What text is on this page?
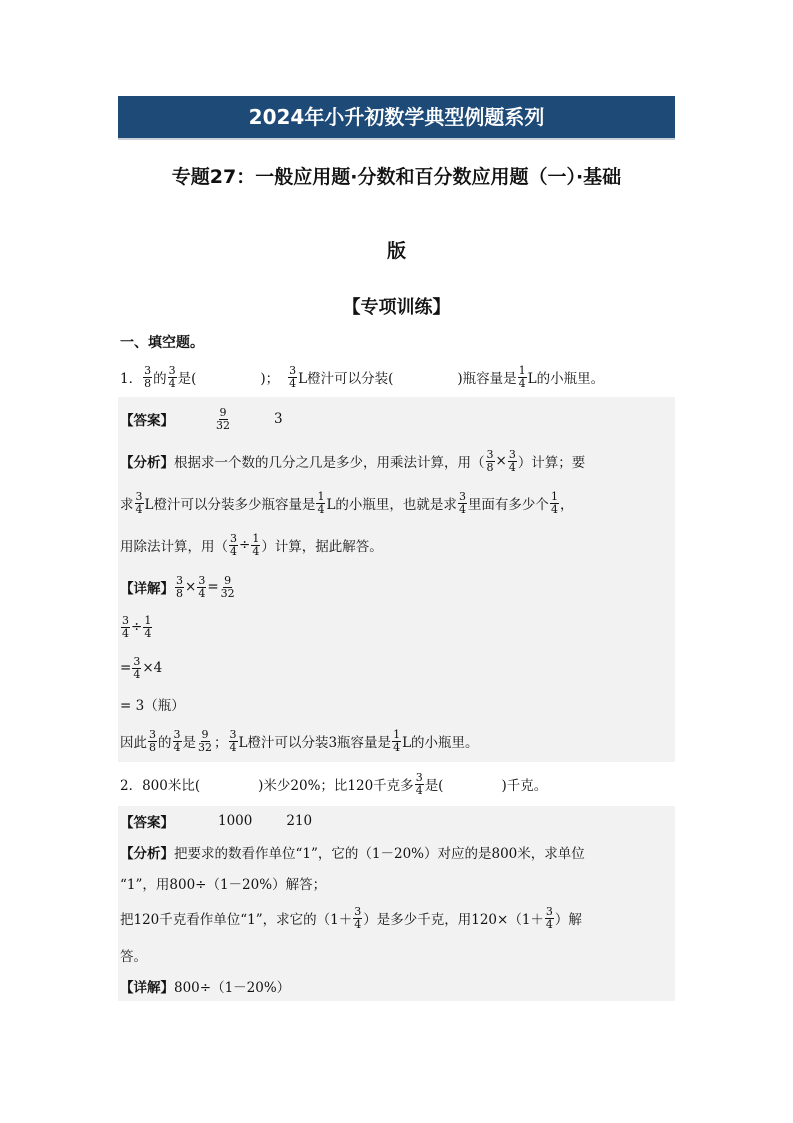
2024年小升初数学典型例题系列
专题27：一般应用题·分数和百分数应用题（一）·基础
版
【专项训练】
一、填空题。
1． $\frac{3}{8}$ 的 $\frac{3}{4}$ 是(	)； $\frac{3}{4}$ L橙汁可以分装(	)瓶容量是 $\frac{1}{4}$ L的小瓶里。
【答案】	$\frac{9}{32}$	3
【分析】 根据求一个数的几分之几是多少，用乘法计算，用（ $\frac{3}{8} \times \frac{3}{4}$ ）计算；要
求 $\frac{3}{4}$ L橙汁可以分装多少瓶容量是 $\frac{1}{4}$ L的小瓶里，也就是求 $\frac{3}{4}$ 里面有多少个 $\frac{1}{4}$ ，
用除法计算，用（ $\frac{3}{4} \div \frac{1}{4}$ ）计算，据此解答。
【详解】 $\frac{3}{8} \times \frac{3}{4} = \frac{9}{32}$
$\frac{3}{4} \div \frac{1}{4}$
= $\frac{3}{4} \times 4$
= 3（瓶）
因此 $\frac{3}{8}$ 的 $\frac{3}{4}$ 是 $\frac{9}{32}$ ； $\frac{3}{4}$ L橙汁可以分装3瓶容量是 $\frac{1}{4}$ L的小瓶里。
2． 800米比(	)米少20%；比120千克多 $\frac{3}{4}$ 是(	)千克。
【答案】	1000	210
【分析】 把要求的数看作单位“1”，它的（1－20%）对应的是800米，求单位
“1”，用800÷（1－20%）解答；
把120千克看作单位“1”，求它的（$1+ \frac{3}{4}$ ）是多少千克，用$120\times(1+ \frac{3}{4}$ ）解
答。
【详解】 800÷（1－20%）
